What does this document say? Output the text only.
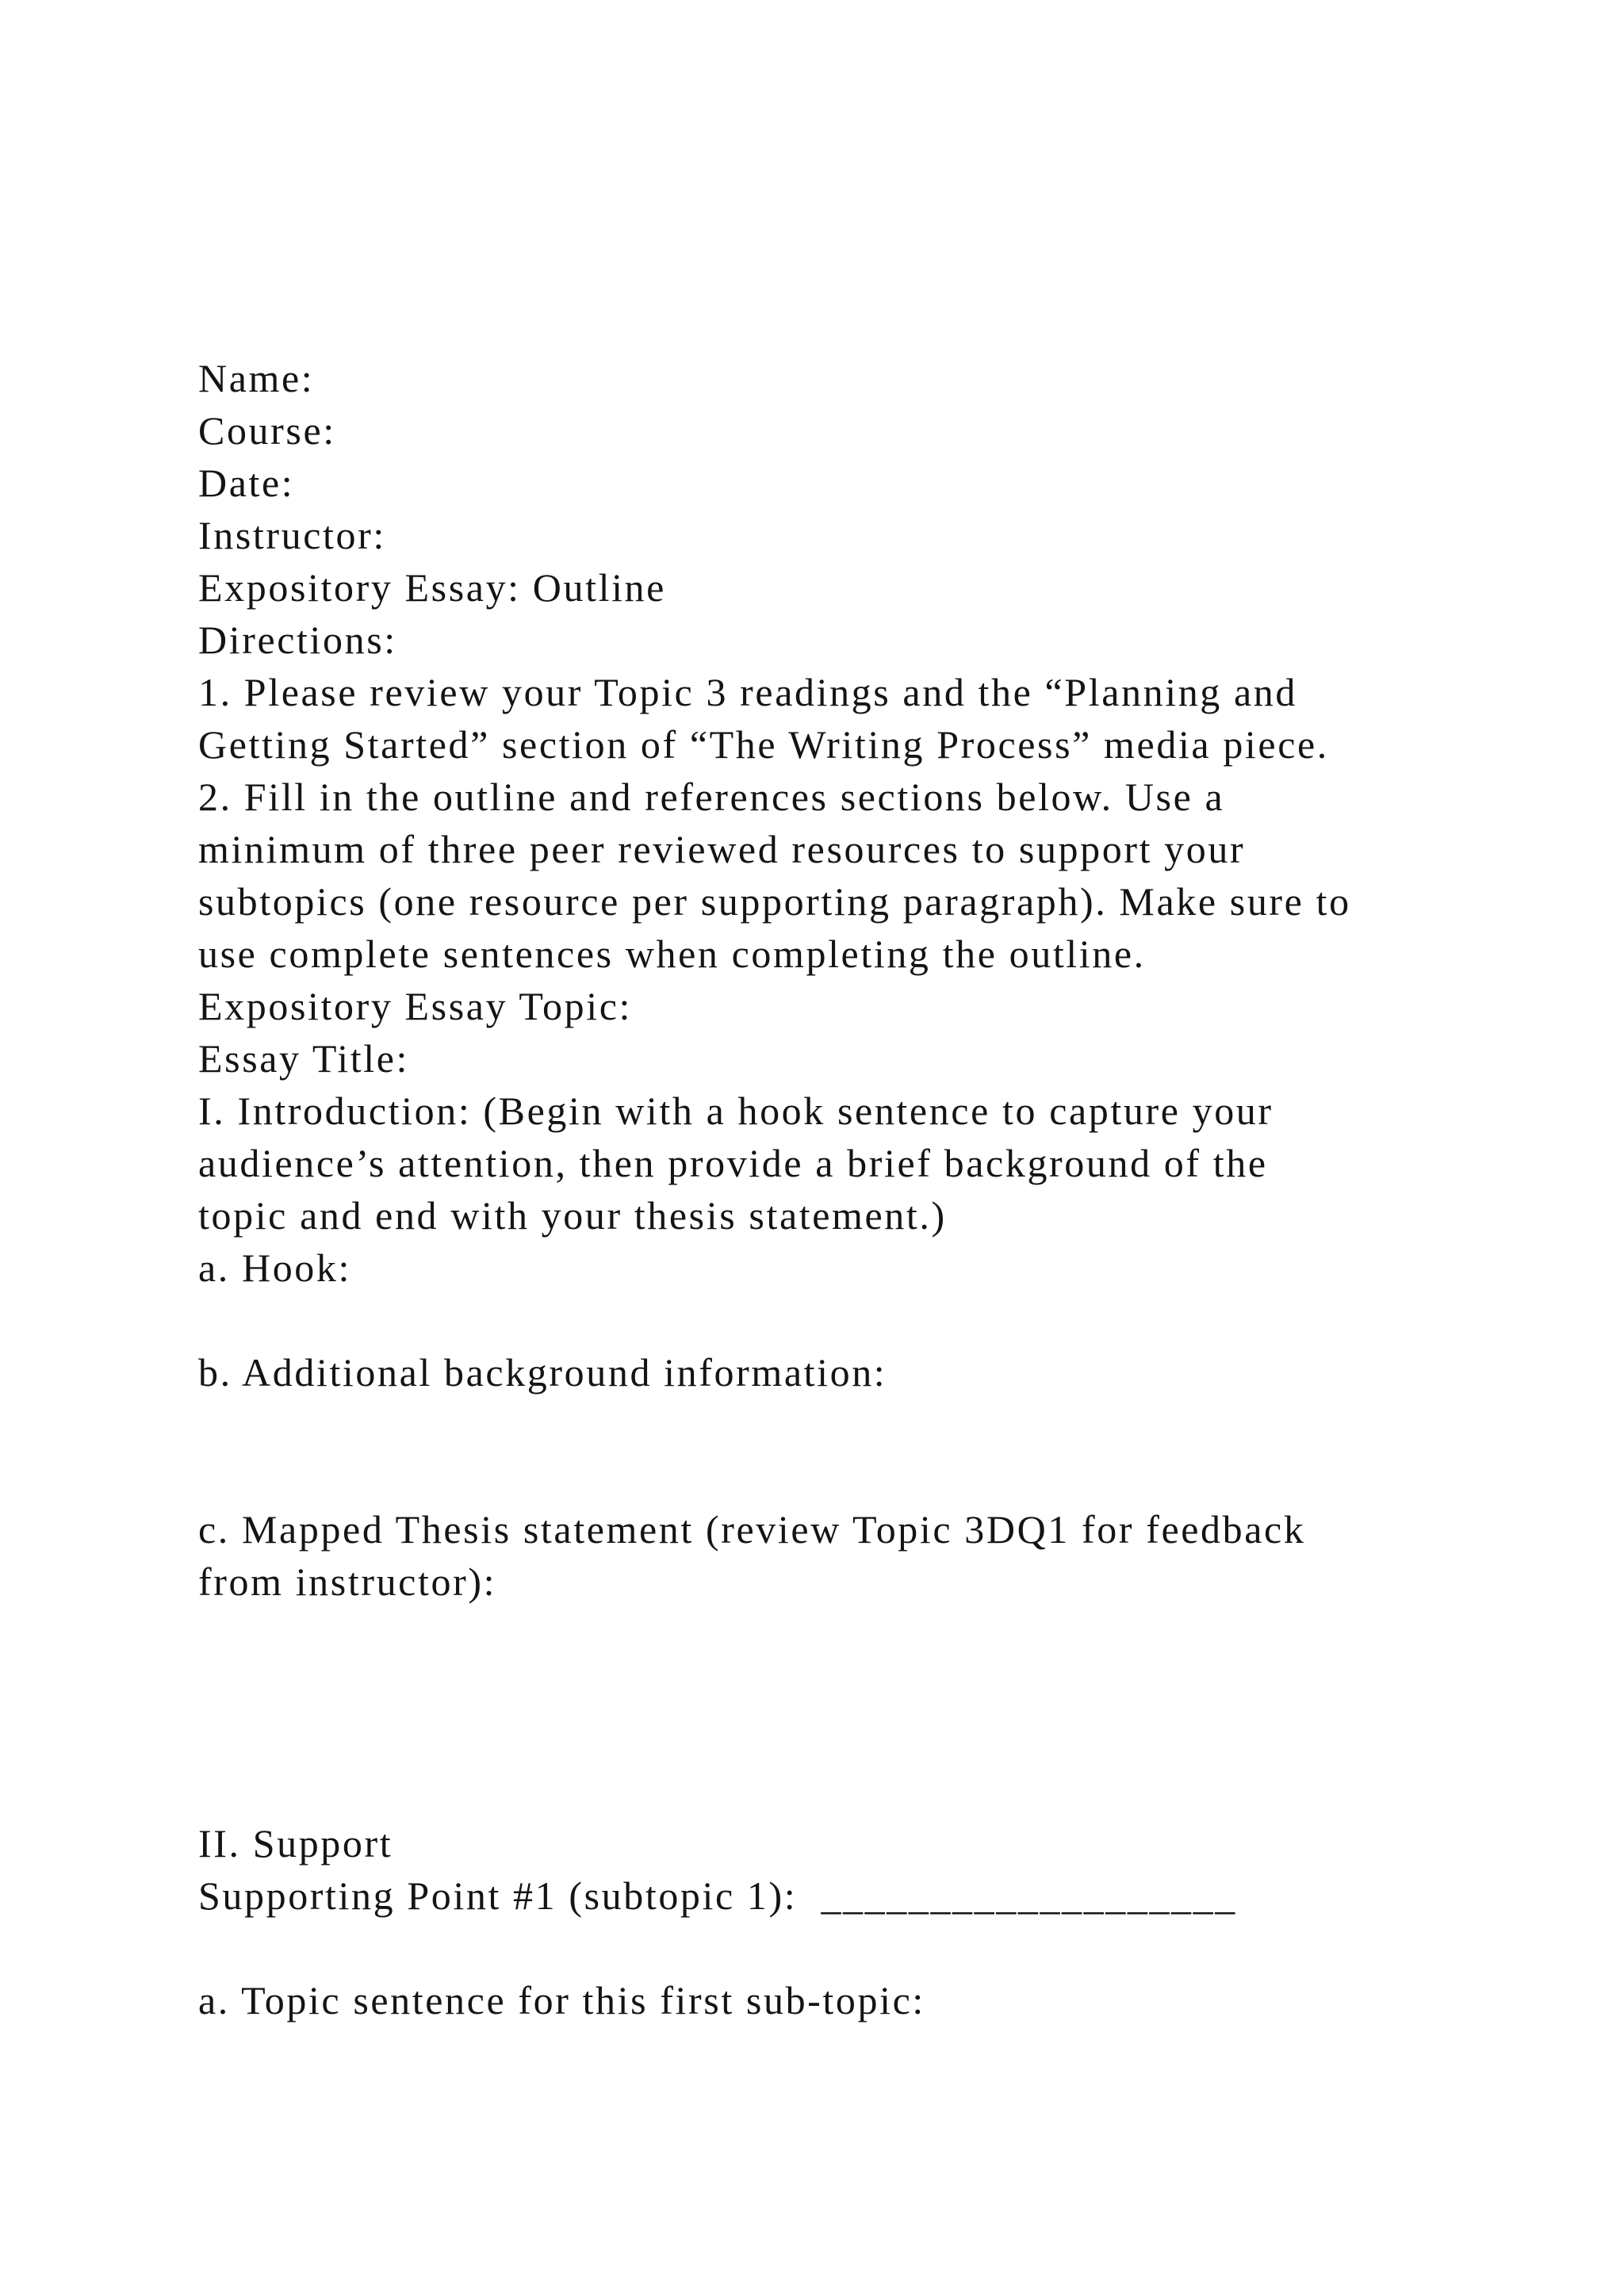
Name:

Course:

Date:

Instructor:

Expository Essay: Outline

Directions:

1. Please review your Topic 3 readings and the “Planning and

Getting Started” section of “The Writing Process” media piece.

2. Fill in the outline and references sections below. Use a

minimum of three peer reviewed resources to support your

subtopics (one resource per supporting paragraph). Make sure to

use complete sentences when completing the outline.

Expository Essay Topic:

Essay Title:

I. Introduction: (Begin with a hook sentence to capture your

audience’s attention, then provide a brief background of the

topic and end with your thesis statement.)

a. Hook:

b. Additional background information:

c. Mapped Thesis statement (review Topic 3DQ1 for feedback

from instructor):

II. Support

Supporting Point #1 (subtopic 1):  ___________________

a. Topic sentence for this first sub-topic:
